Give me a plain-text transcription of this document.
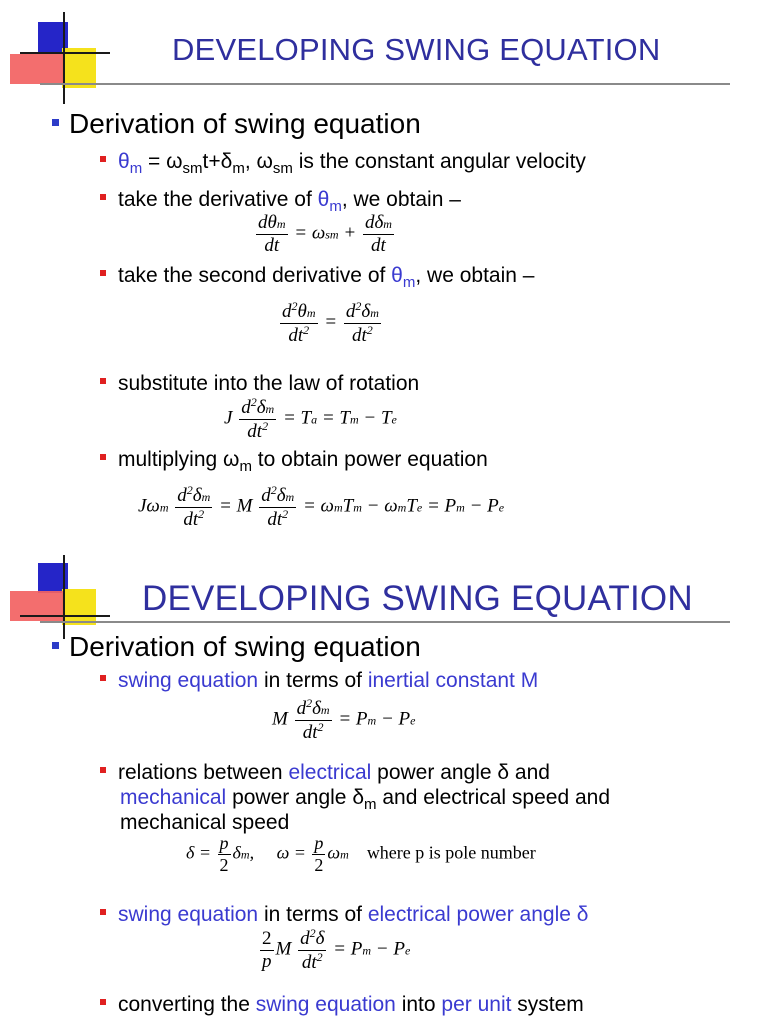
DEVELOPING SWING EQUATION
Derivation of swing equation
$\theta_m = \omega_{sm}t+\delta_m$, $\omega_{sm}$ is the constant angular velocity
take the derivative of $\theta_m$, we obtain –
$\frac{\text{dθm}}{dt} = \omega sm + \frac{\text{dδm}}{dt}$
take the second derivative of $\theta_m$, we obtain –
$\frac{d^2\theta m}{dt^2} = \frac{d^2\delta m}{dt^2}$
substitute into the law of rotation
J $\frac{d^2\delta m}{dt^2} = Ta = Tm - Te$
multiplying $\omega_m$ to obtain power equation
Jωm $\frac{d^2\delta m}{dt^2} = M \frac{d^2\delta m}{dt^2} = \omega mTm - \omega mTe = Pm - Pe$
DEVELOPING SWING EQUATION
Derivation of swing equation
swing equation in terms of inertial constant M
M $\frac{d^2\delta m}{dt^2} = Pm - Pe$
relations between electrical power angle δ and
mechanical power angle $\delta_m$ and electrical speed and
mechanical speed
$\delta = \frac{p}{2} \delta m$,     $\omega = \frac{p}{2}$ ωm where p is pole number
swing equation in terms of electrical power angle δ
$\frac{2}{p}$ M $\frac{d^2\delta}{dt^2} = Pm - Pe$
converting the swing equation into per unit system
